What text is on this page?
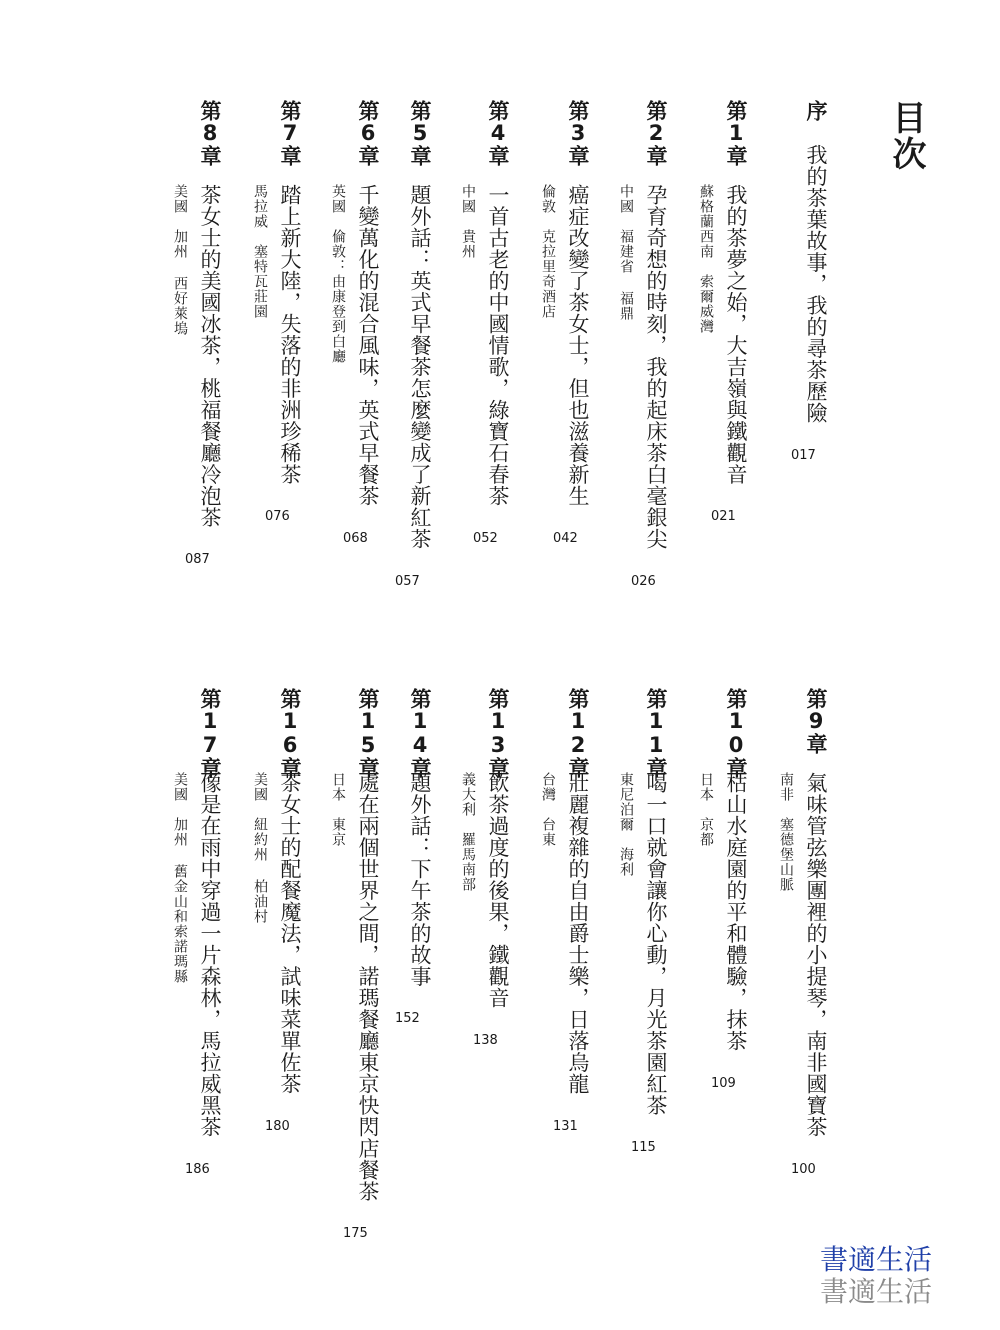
目次
序
我的茶葉故事，我的尋茶歷險
017
第1章
我的茶夢之始，大吉嶺與鐵觀音
蘇格蘭西南　索爾威灣
021
第2章
孕育奇想的時刻，我的起床茶白毫銀尖
中國　福建省 福鼎
026
第3章
癌症改變了茶女士，但也滋養新生
倫敦　克拉里奇酒店
042
第4章
一首古老的中國情歌，綠寶石春茶
中國　貴州
052
第5章
題外話：英式早餐茶怎麼變成了新紅茶
057
第6章
千變萬化的混合風味，英式早餐茶
英國　倫敦：由康登到白廳
068
第7章
踏上新大陸，失落的非洲珍稀茶
馬拉威　塞特瓦莊園
076
第8章
茶女士的美國冰茶，桃福餐廳冷泡茶
美國　加州 西好萊塢
087
第9章
氣味管弦樂團裡的小提琴，南非國寶茶
南非　塞德堡山脈
100
第10章
枯山水庭園的平和體驗，抹茶
日本　京都
109
第11章
喝一口就會讓你心動，月光茶園紅茶
東尼泊爾　海利
115
第12章
壯麗複雜的自由爵士樂，日落烏龍
台灣　台東
131
第13章
飲茶過度的後果，鐵觀音
義大利　羅馬南部
138
第14章
題外話：下午茶的故事
152
第15章
處在兩個世界之間，諾瑪餐廳東京快閃店餐茶
日本　東京
175
第16章
茶女士的配餐魔法，試味菜單佐茶
美國　紐約州 柏油村
180
第17章
像是在雨中穿過一片森林，馬拉威黑茶
美國　加州 舊金山和索諾瑪縣
186
書適生活
書適生活
